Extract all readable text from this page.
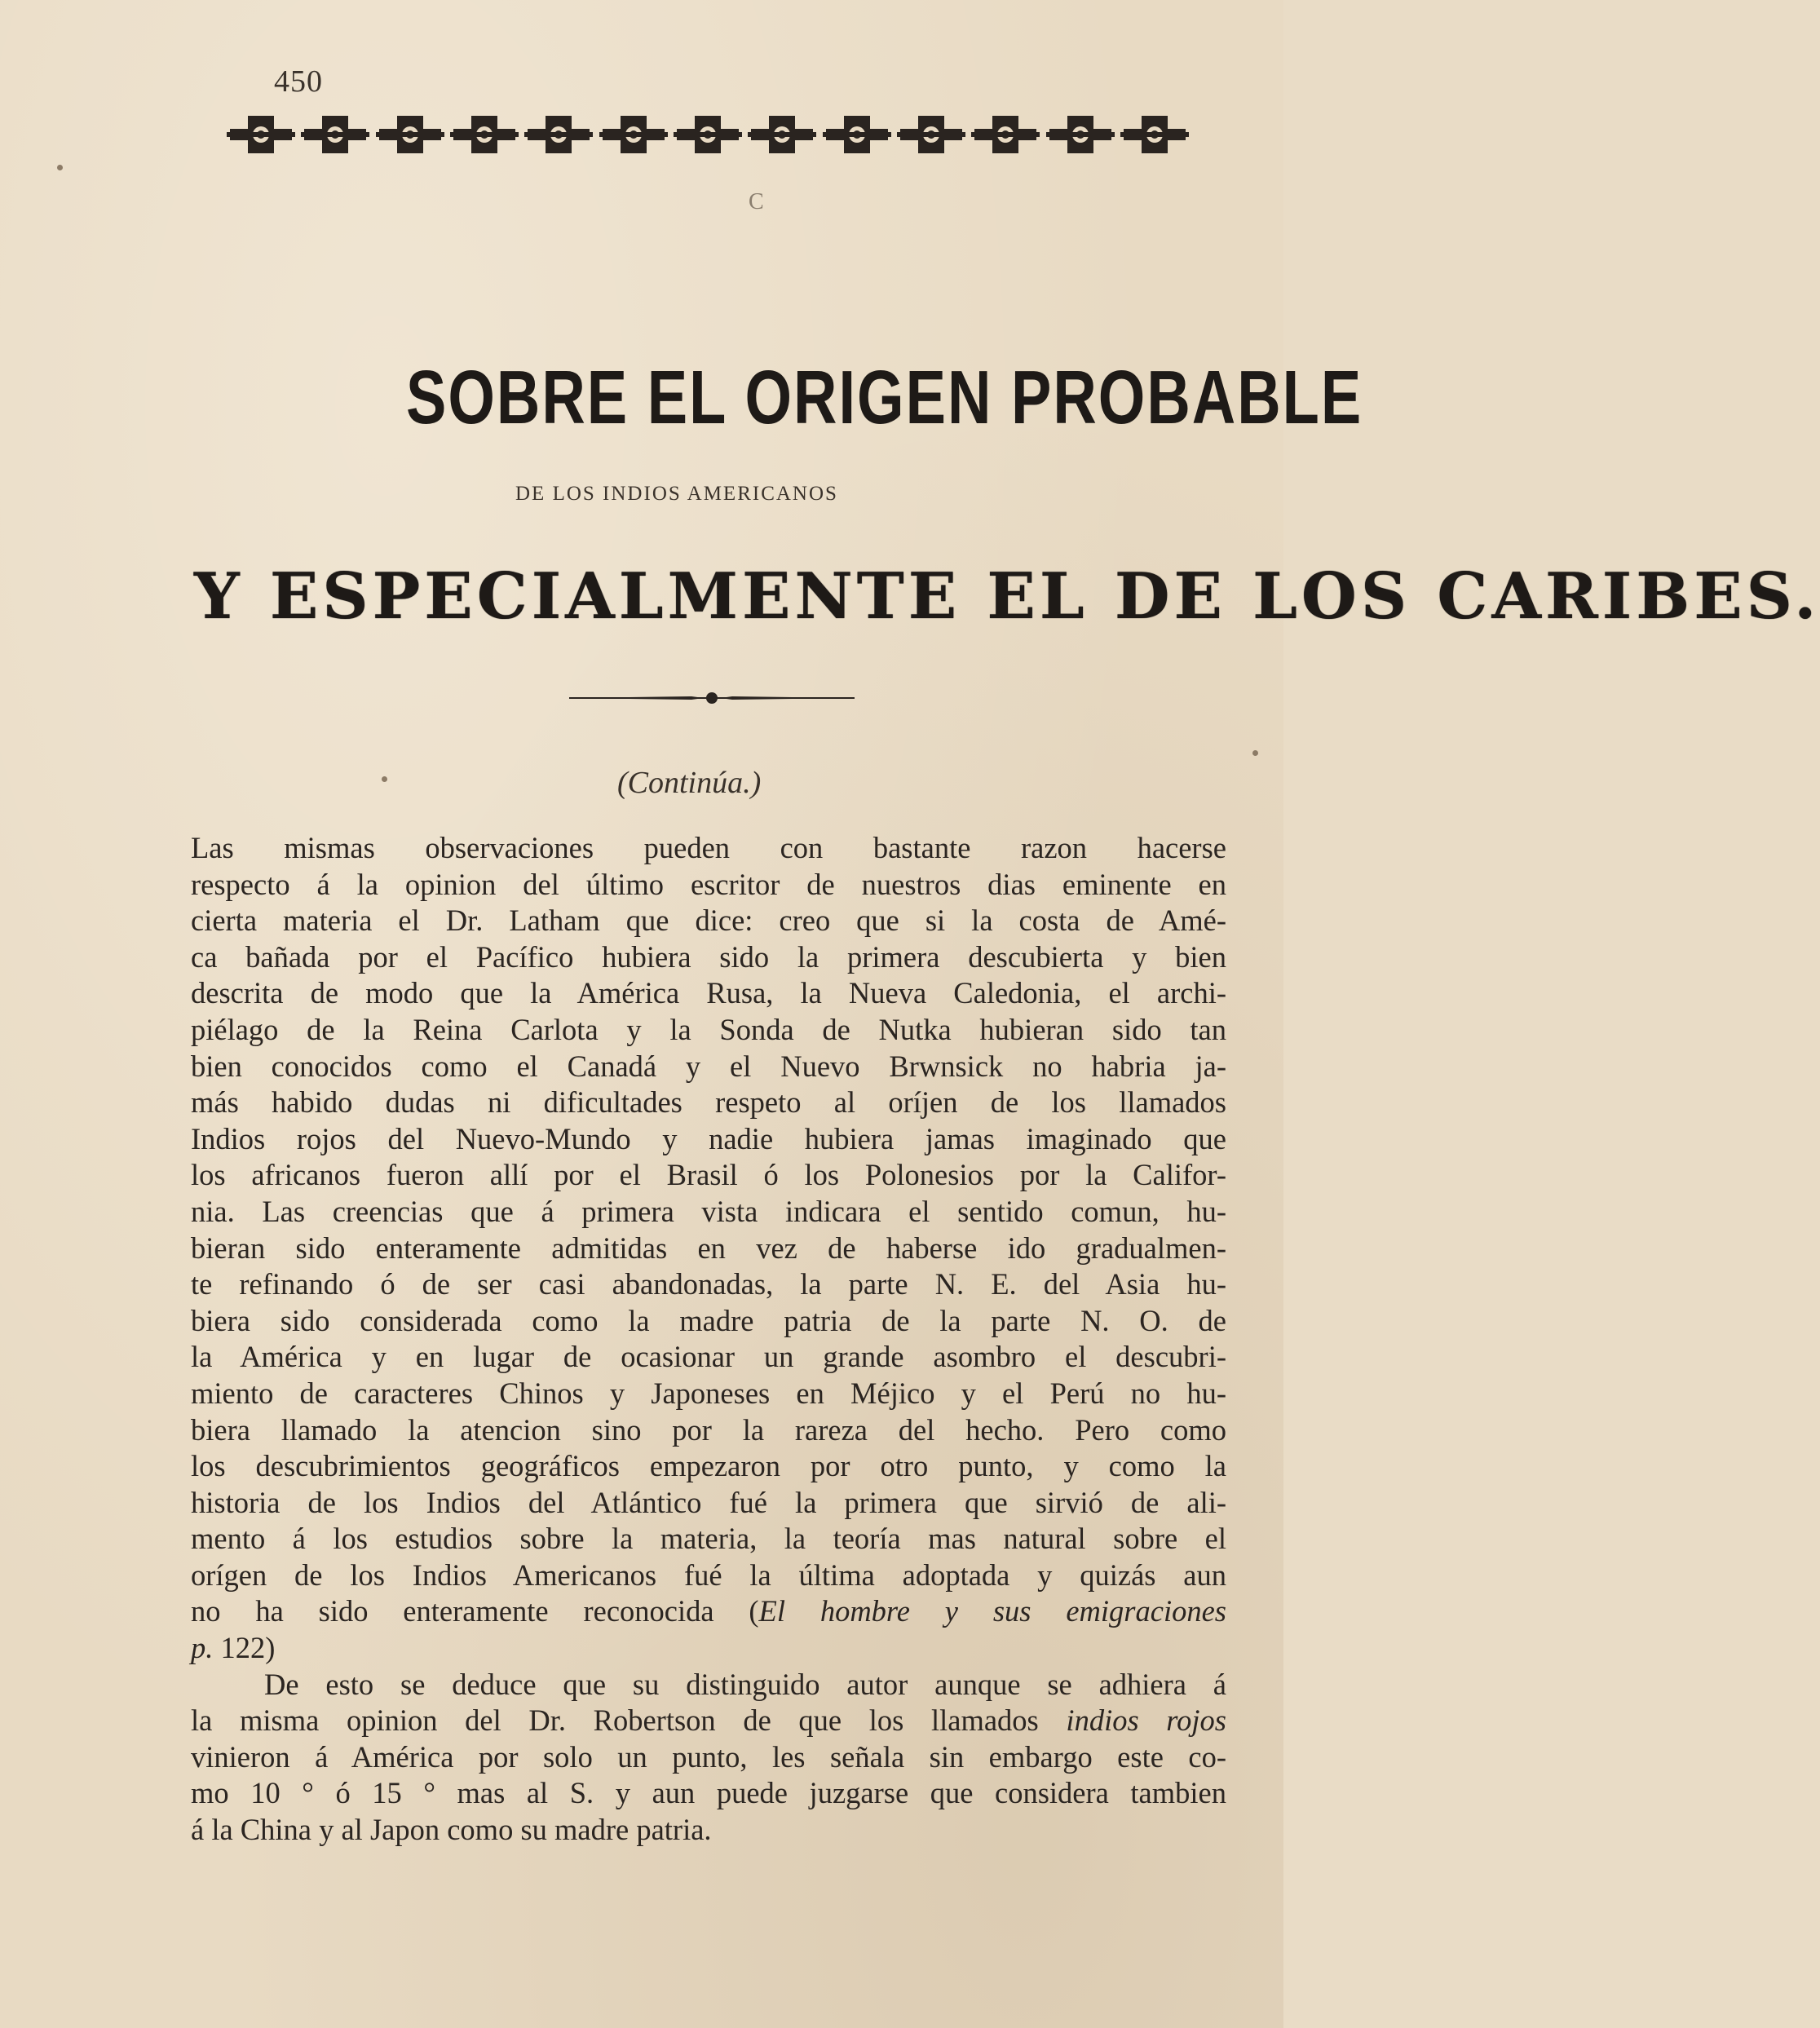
450
C
SOBRE EL ORIGEN PROBABLE
DE LOS INDIOS AMERICANOS
Y ESPECIALMENTE EL DE LOS CARIBES.
(Continúa.)
Las mismas observaciones pueden con bastante razon hacerse
respecto á la opinion del último escritor de nuestros dias eminente en
cierta materia el Dr. Latham que dice: creo que si la costa de Amé-
ca bañada por el Pacífico hubiera sido la primera descubierta y bien
descrita de modo que la América Rusa, la Nueva Caledonia, el archi-
piélago de la Reina Carlota y la Sonda de Nutka hubieran sido tan
bien conocidos como el Canadá y el Nuevo Brwnsick no habria ja-
más habido dudas ni dificultades respeto al oríjen de los llamados
Indios rojos del Nuevo-Mundo y nadie hubiera jamas imaginado que
los africanos fueron allí por el Brasil ó los Polonesios por la Califor-
nia. Las creencias que á primera vista indicara el sentido comun, hu-
bieran sido enteramente admitidas en vez de haberse ido gradualmen-
te refinando ó de ser casi abandonadas, la parte N. E. del Asia hu-
biera sido considerada como la madre patria de la parte N. O. de
la América y en lugar de ocasionar un grande asombro el descubri-
miento de caracteres Chinos y Japoneses en Méjico y el Perú no hu-
biera llamado la atencion sino por la rareza del hecho. Pero como
los descubrimientos geográficos empezaron por otro punto, y como la
historia de los Indios del Atlántico fué la primera que sirvió de ali-
mento á los estudios sobre la materia, la teoría mas natural sobre el
orígen de los Indios Americanos fué la última adoptada y quizás aun
no ha sido enteramente reconocida (El hombre y sus emigraciones
p. 122)
De esto se deduce que su distinguido autor aunque se adhiera á
la misma opinion del Dr. Robertson de que los llamados indios rojos
vinieron á América por solo un punto, les señala sin embargo este co-
mo 10 ° ó 15 ° mas al S. y aun puede juzgarse que considera tambien
á la China y al Japon como su madre patria.
